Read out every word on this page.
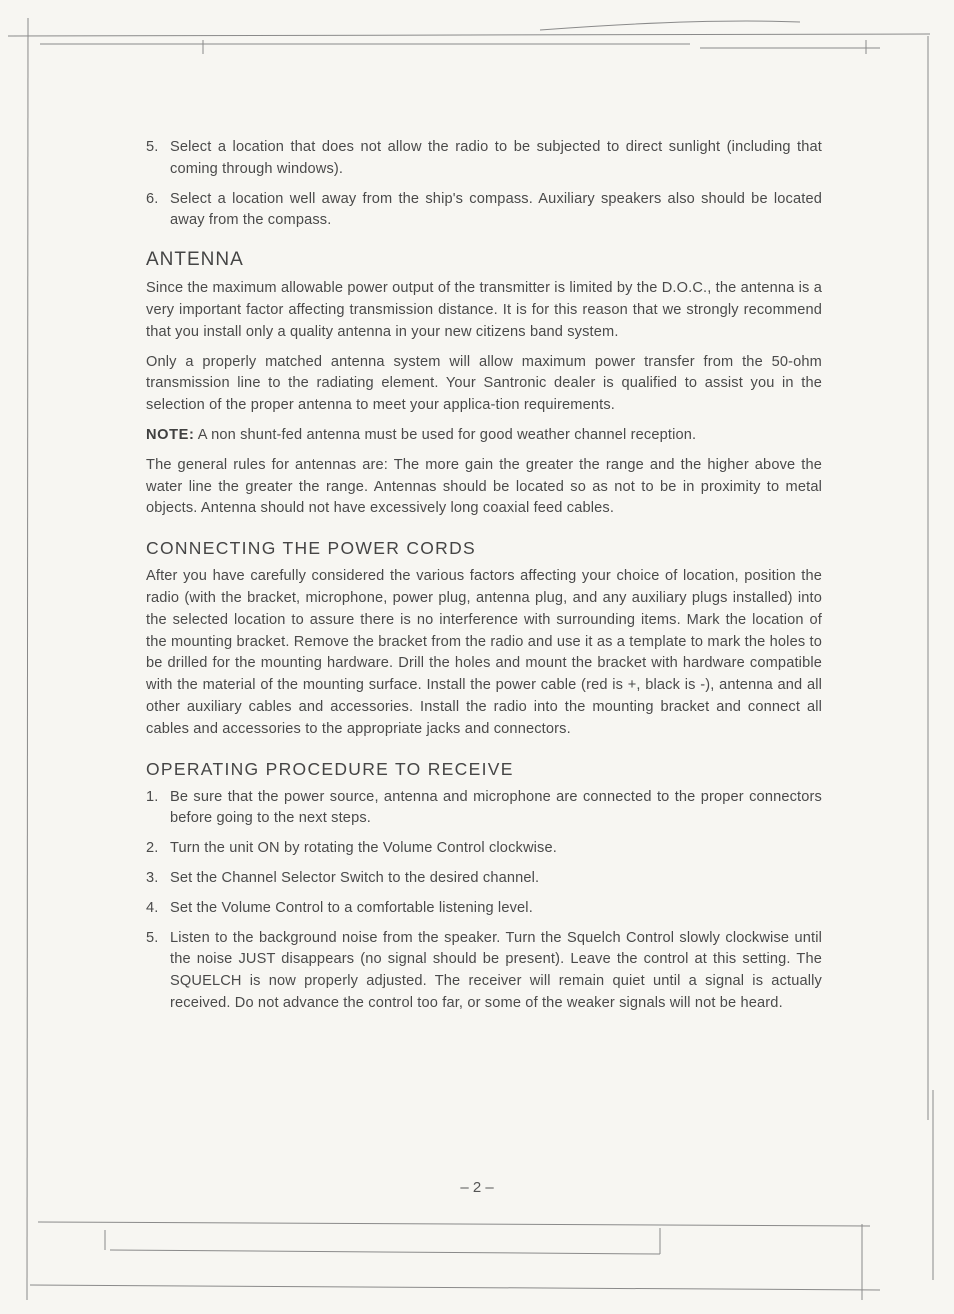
5. Select a location that does not allow the radio to be subjected to direct sunlight (including that coming through windows).
6. Select a location well away from the ship's compass. Auxiliary speakers also should be located away from the compass.
ANTENNA

Since the maximum allowable power output of the transmitter is limited by the D.O.C., the antenna is a very important factor affecting transmission distance. It is for this reason that we strongly recommend that you install only a quality antenna in your new citizens band system.

Only a properly matched antenna system will allow maximum power transfer from the 50-ohm transmission line to the radiating element. Your Santronic dealer is qualified to assist you in the selection of the proper antenna to meet your applica-tion requirements.

NOTE: A non shunt-fed antenna must be used for good weather channel reception.

The general rules for antennas are: The more gain the greater the range and the higher above the water line the greater the range. Antennas should be located so as not to be in proximity to metal objects. Antenna should not have excessively long coaxial feed cables.

CONNECTING THE POWER CORDS

After you have carefully considered the various factors affecting your choice of location, position the radio (with the bracket, microphone, power plug, antenna plug, and any auxiliary plugs installed) into the selected location to assure there is no interference with surrounding items. Mark the location of the mounting bracket. Remove the bracket from the radio and use it as a template to mark the holes to be drilled for the mounting hardware. Drill the holes and mount the bracket with hardware compatible with the material of the mounting surface. Install the power cable (red is +, black is -), antenna and all other auxiliary cables and accessories. Install the radio into the mounting bracket and connect all cables and accessories to the appropriate jacks and connectors.

OPERATING PROCEDURE TO RECEIVE
1. Be sure that the power source, antenna and microphone are connected to the proper connectors before going to the next steps.
2. Turn the unit ON by rotating the Volume Control clockwise.
3. Set the Channel Selector Switch to the desired channel.
4. Set the Volume Control to a comfortable listening level.
5. Listen to the background noise from the speaker. Turn the Squelch Control slowly clockwise until the noise JUST disappears (no signal should be present). Leave the control at this setting. The SQUELCH is now properly adjusted. The receiver will remain quiet until a signal is actually received. Do not advance the control too far, or some of the weaker signals will not be heard.
– 2 –
